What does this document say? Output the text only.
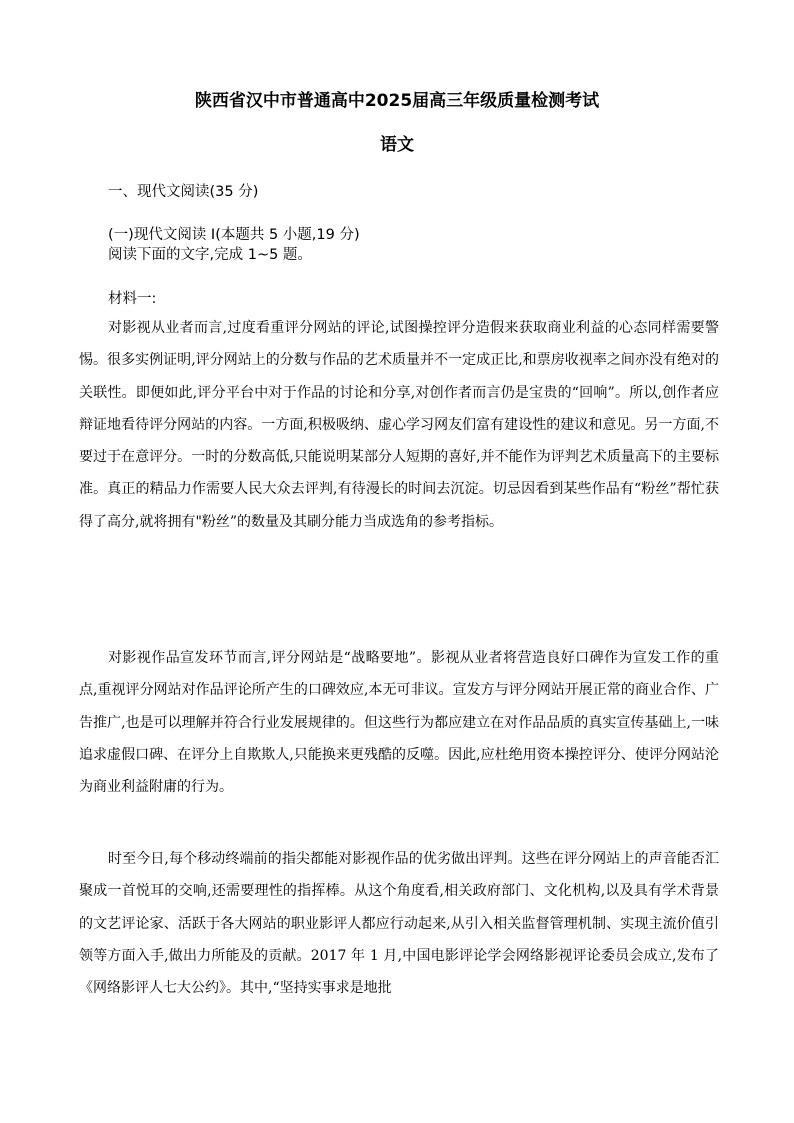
陕西省汉中市普通高中2025届高三年级质量检测考试
语文
一、现代文阅读(35 分)
(一)现代文阅读 I(本题共 5 小题,19 分)
阅读下面的文字,完成 1~5 题。
材料一:

对影视从业者而言,过度看重评分网站的评论,试图操控评分造假来获取商业利益的心态同样需要警惕。很多实例证明,评分网站上的分数与作品的艺术质量并不一定成正比,和票房收视率之间亦没有绝对的关联性。即便如此,评分平台中对于作品的讨论和分享,对创作者而言仍是宝贵的“回响”。所以,创作者应辩证地看待评分网站的内容。一方面,积极吸纳、虚心学习网友们富有建设性的建议和意见。另一方面,不要过于在意评分。一时的分数高低,只能说明某部分人短期的喜好,并不能作为评判艺术质量高下的主要标准。真正的精品力作需要人民大众去评判,有待漫长的时间去沉淀。切忌因看到某些作品有“粉丝”帮忙获得了高分,就将拥有"粉丝”的数量及其刷分能力当成选角的参考指标。

对影视作品宣发环节而言,评分网站是“战略要地”。影视从业者将营造良好口碑作为宣发工作的重点,重视评分网站对作品评论所产生的口碑效应,本无可非议。宣发方与评分网站开展正常的商业合作、广告推广,也是可以理解并符合行业发展规律的。但这些行为都应建立在对作品品质的真实宣传基础上,一味追求虚假口碑、在评分上自欺欺人,只能换来更残酷的反噬。因此,应杜绝用资本操控评分、使评分网站沦为商业利益附庸的行为。

时至今日,每个移动终端前的指尖都能对影视作品的优劣做出评判。这些在评分网站上的声音能否汇聚成一首悦耳的交响,还需要理性的指挥棒。从这个角度看,相关政府部门、文化机构,以及具有学术背景的文艺评论家、活跃于各大网站的职业影评人都应行动起来,从引入相关监督管理机制、实现主流价值引领等方面入手,做出力所能及的贡献。2017 年 1 月,中国电影评论学会网络影视评论委员会成立,发布了《网络影评人七大公约》。其中,“坚持实事求是地批
